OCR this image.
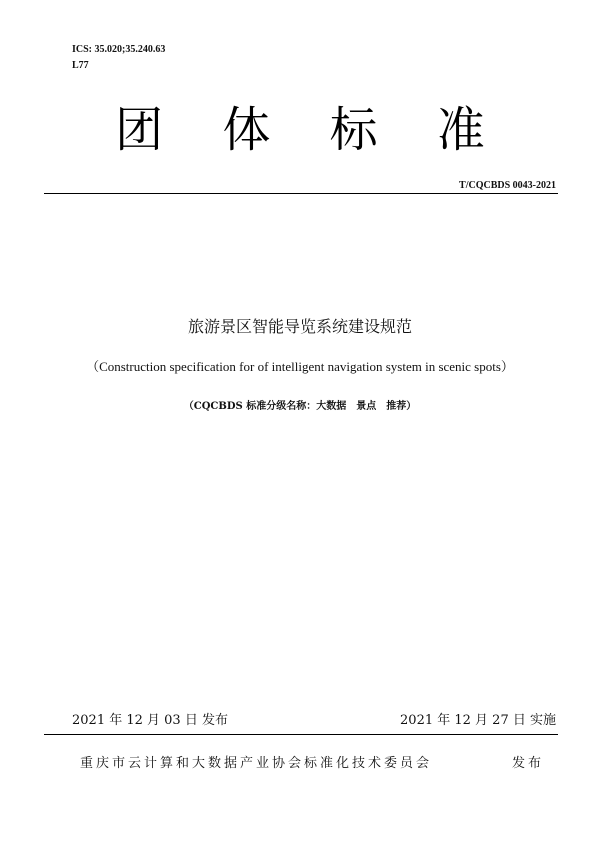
ICS: 35.020;35.240.63
L77
团 体 标 准
T/CQCBDS 0043-2021
旅游景区智能导览系统建设规范
（Construction specification for of intelligent navigation system in scenic spots）
（CQCBDS 标准分级名称：大数据　景点　推荐）
2021 年 12 月 03 日 发布	2021 年 12 月 27 日 实施
重庆市云计算和大数据产业协会标准化技术委员会	发布
